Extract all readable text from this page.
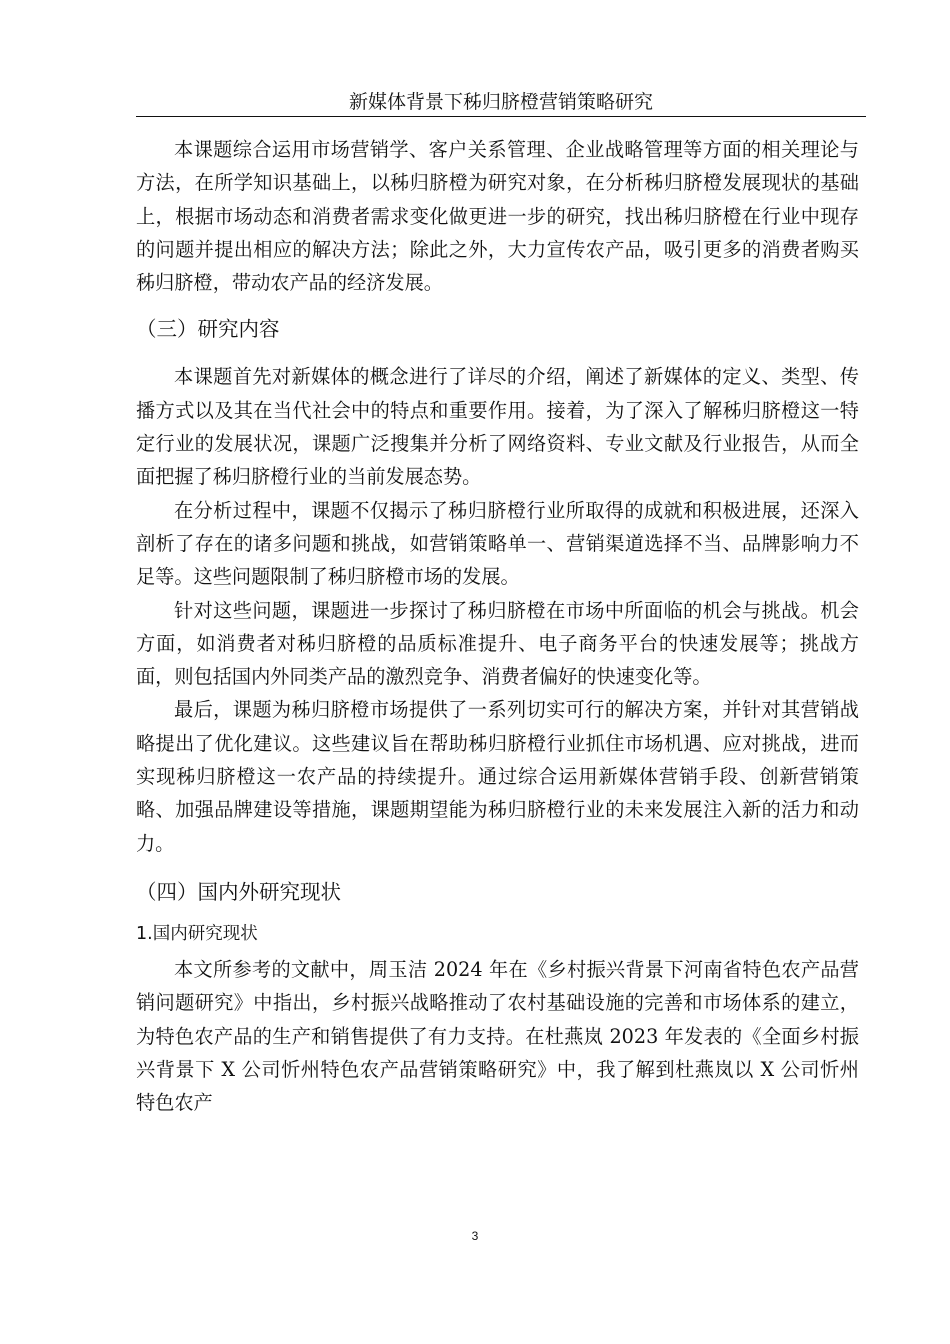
新媒体背景下秭归脐橙营销策略研究

本课题综合运用市场营销学、客户关系管理、企业战略管理等方面的相关理论与方法，在所学知识基础上，以秭归脐橙为研究对象，在分析秭归脐橙发展现状的基础上，根据市场动态和消费者需求变化做更进一步的研究，找出秭归脐橙在行业中现存的问题并提出相应的解决方法；除此之外，大力宣传农产品，吸引更多的消费者购买秭归脐橙，带动农产品的经济发展。

（三）研究内容

本课题首先对新媒体的概念进行了详尽的介绍，阐述了新媒体的定义、类型、传播方式以及其在当代社会中的特点和重要作用。接着，为了深入了解秭归脐橙这一特定行业的发展状况，课题广泛搜集并分析了网络资料、专业文献及行业报告，从而全面把握了秭归脐橙行业的当前发展态势。

在分析过程中，课题不仅揭示了秭归脐橙行业所取得的成就和积极进展，还深入剖析了存在的诸多问题和挑战，如营销策略单一、营销渠道选择不当、品牌影响力不足等。这些问题限制了秭归脐橙市场的发展。

针对这些问题，课题进一步探讨了秭归脐橙在市场中所面临的机会与挑战。机会方面，如消费者对秭归脐橙的品质标准提升、电子商务平台的快速发展等；挑战方面，则包括国内外同类产品的激烈竞争、消费者偏好的快速变化等。

最后，课题为秭归脐橙市场提供了一系列切实可行的解决方案，并针对其营销战略提出了优化建议。这些建议旨在帮助秭归脐橙行业抓住市场机遇、应对挑战，进而实现秭归脐橙这一农产品的持续提升。通过综合运用新媒体营销手段、创新营销策略、加强品牌建设等措施，课题期望能为秭归脐橙行业的未来发展注入新的活力和动力。

（四）国内外研究现状
1.国内研究现状

本文所参考的文献中，周玉洁 2024 年在《乡村振兴背景下河南省特色农产品营销问题研究》中指出，乡村振兴战略推动了农村基础设施的完善和市场体系的建立，为特色农产品的生产和销售提供了有力支持。在杜燕岚 2023 年发表的《全面乡村振兴背景下 X 公司忻州特色农产品营销策略研究》中，我了解到杜燕岚以 X 公司忻州特色农产

3
